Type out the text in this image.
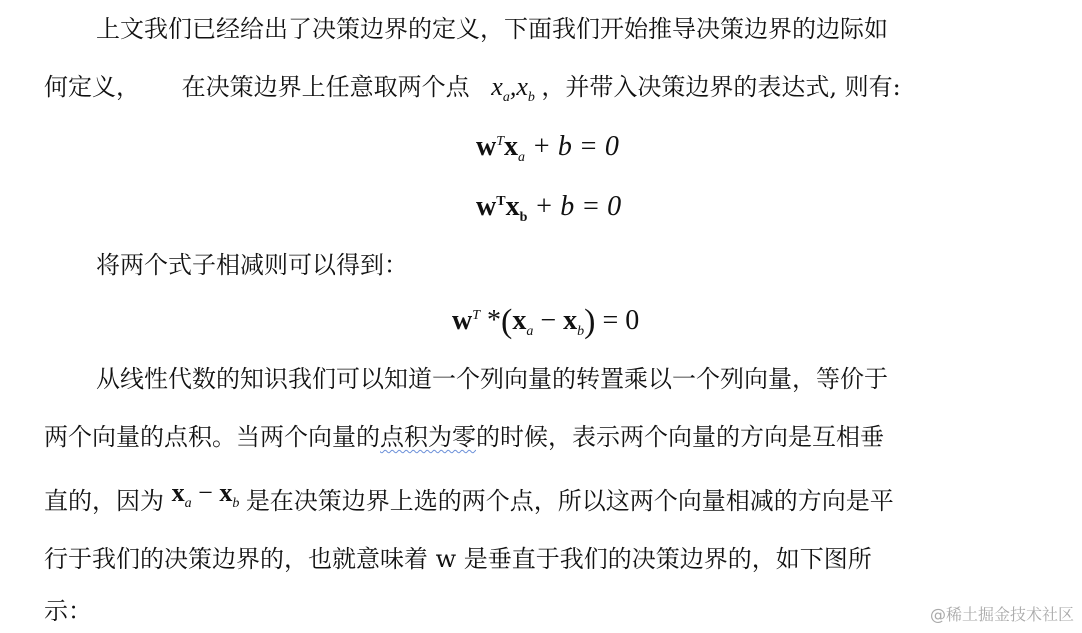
上文我们已经给出了决策边界的定义，下面我们开始推导决策边界的边际如
何定义， 在决策边界上任意取两个点 $x_a,x_b$ ，并带入决策边界的表达式, 则有:
$w^Tx_a + b = 0$
$w^Tx_b + b = 0$
将两个式子相减则可以得到：
$w^T$ $*(x_a - x_b) = 0$
从线性代数的知识我们可以知道一个列向量的转置乘以一个列向量，等价于
两个向量的点积。当两个向量的点积为零的时候，表示两个向量的方向是互相垂
直的，因为 $x_a - x_b$ 是在决策边界上选的两个点，所以这两个向量相减的方向是平
行于我们的决策边界的，也就意味着 w 是垂直于我们的决策边界的，如下图所
示：	@稀土掘金技术社区
